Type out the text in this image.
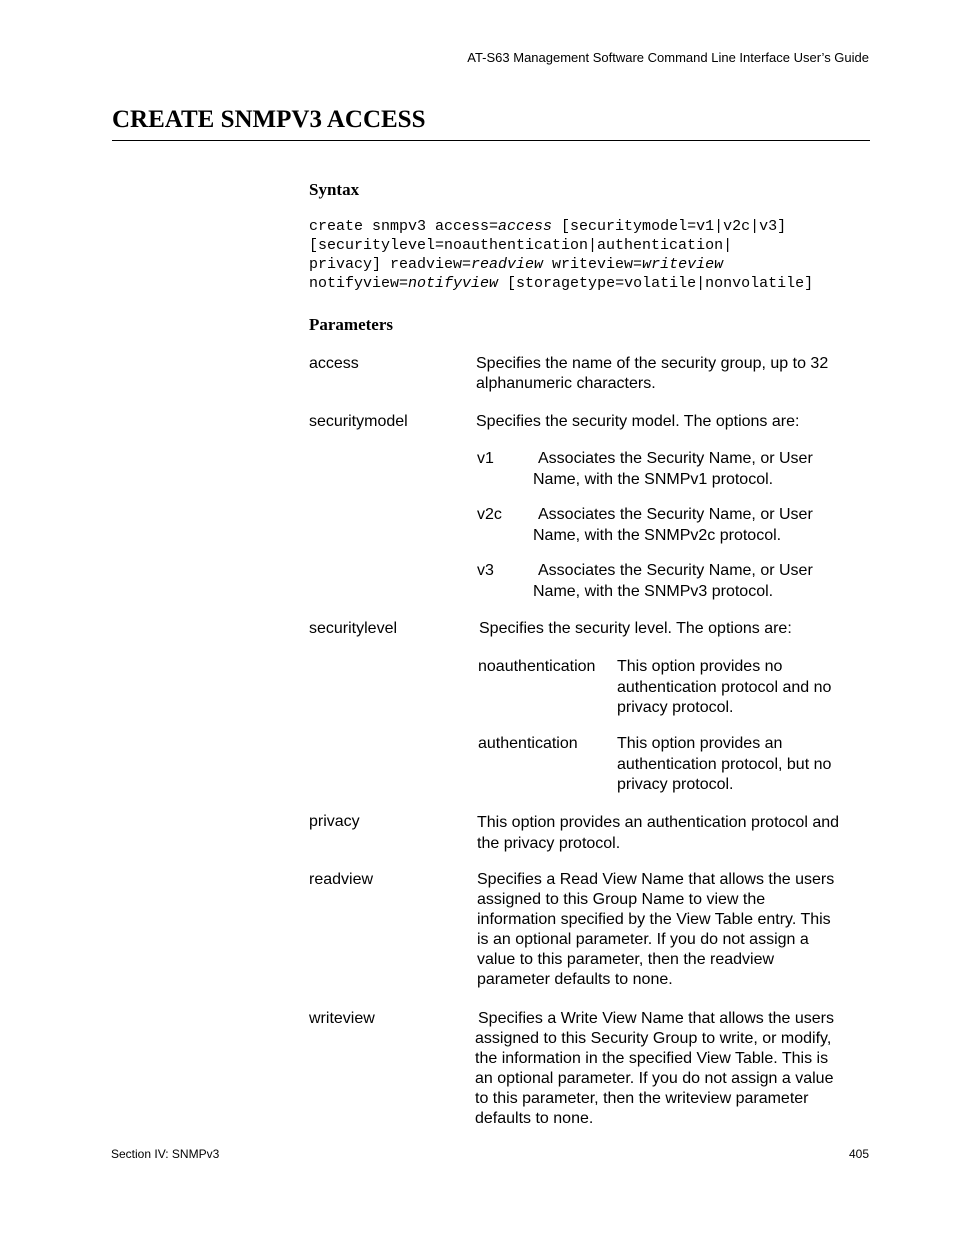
AT-S63 Management Software Command Line Interface User’s Guide
CREATE SNMPV3 ACCESS
Syntax
create snmpv3 access=access [securitymodel=v1|v2c|v3]
[securitylevel=noauthentication|authentication|
privacy] readview=readview writeview=writeview
notifyview=notifyview [storagetype=volatile|nonvolatile]
Parameters
access	Specifies the name of the security group, up to 32
alphanumeric characters.
securitymodel	Specifies the security model. The options are:
v1	Associates the Security Name, or User
Name, with the SNMPv1 protocol.
v2c	Associates the Security Name, or User
Name, with the SNMPv2c protocol.
v3	Associates the Security Name, or User
Name, with the SNMPv3 protocol.
securitylevel	Specifies the security level. The options are:
noauthentication This option provides no
authentication protocol and no
privacy protocol.
authentication This option provides an
authentication protocol, but no
privacy protocol.
privacy	This option provides an authentication protocol and
the privacy protocol.
readview	Specifies a Read View Name that allows the users
assigned to this Group Name to view the
information specified by the View Table entry. This
is an optional parameter. If you do not assign a
value to this parameter, then the readview
parameter defaults to none.
writeview	Specifies a Write View Name that allows the users
assigned to this Security Group to write, or modify,
the information in the specified View Table. This is
an optional parameter. If you do not assign a value
to this parameter, then the writeview parameter
defaults to none.
Section IV: SNMPv3	405
